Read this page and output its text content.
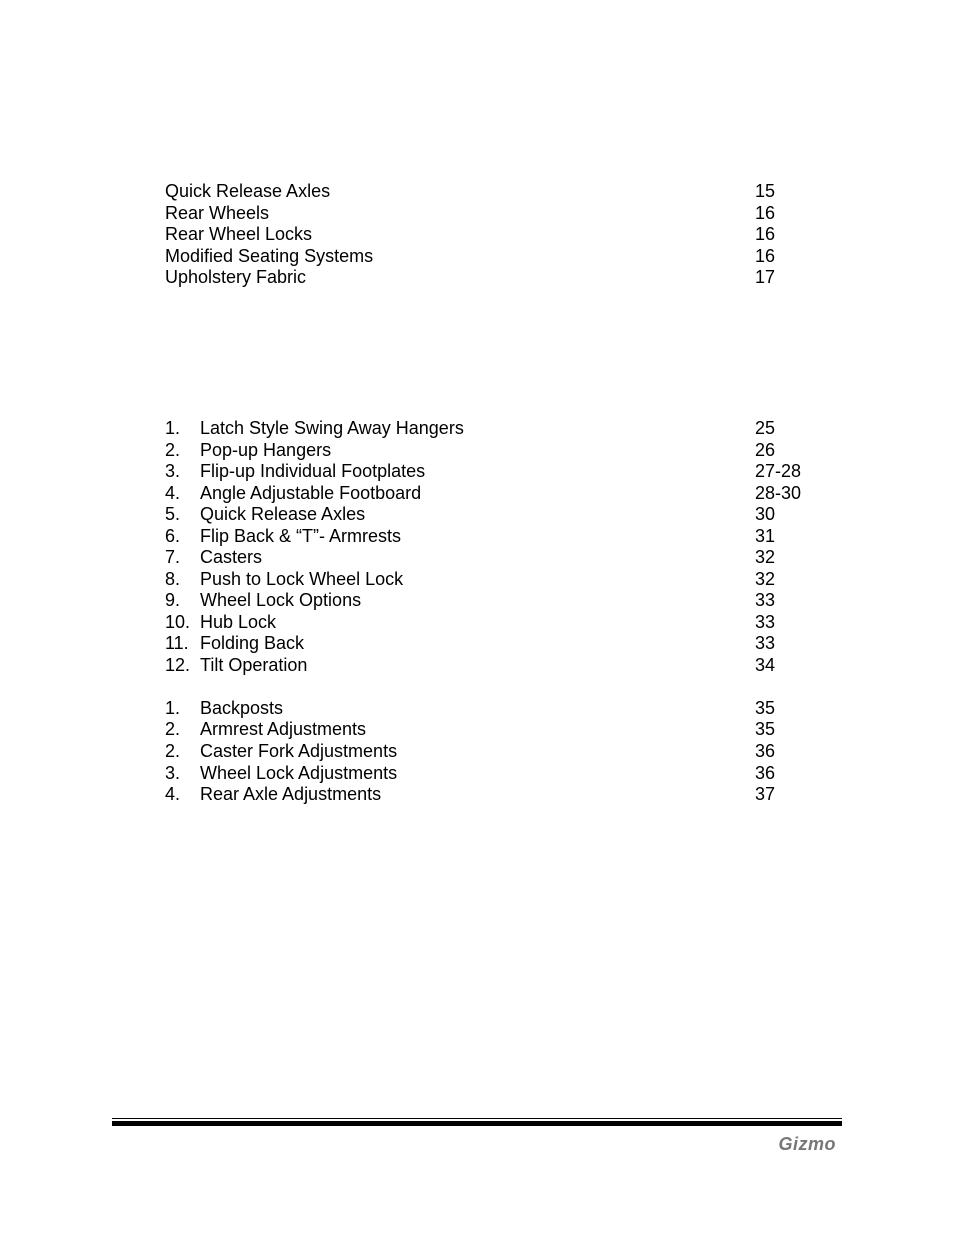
Quick Release Axles	15
Rear Wheels	16
Rear Wheel Locks	16
Modified Seating Systems	16
Upholstery Fabric	17
1. Latch Style Swing Away Hangers	25
2. Pop-up Hangers	26
3. Flip-up Individual Footplates	27-28
4. Angle Adjustable Footboard	28-30
5. Quick Release Axles	30
6. Flip Back & “T”- Armrests	31
7. Casters	32
8. Push to Lock Wheel Lock	32
9. Wheel Lock Options	33
10. Hub Lock	33
11. Folding Back	33
12. Tilt Operation	34
1. Backposts	35
2. Armrest Adjustments	35
2. Caster Fork Adjustments	36
3. Wheel Lock Adjustments	36
4. Rear Axle Adjustments	37
Gizmo
